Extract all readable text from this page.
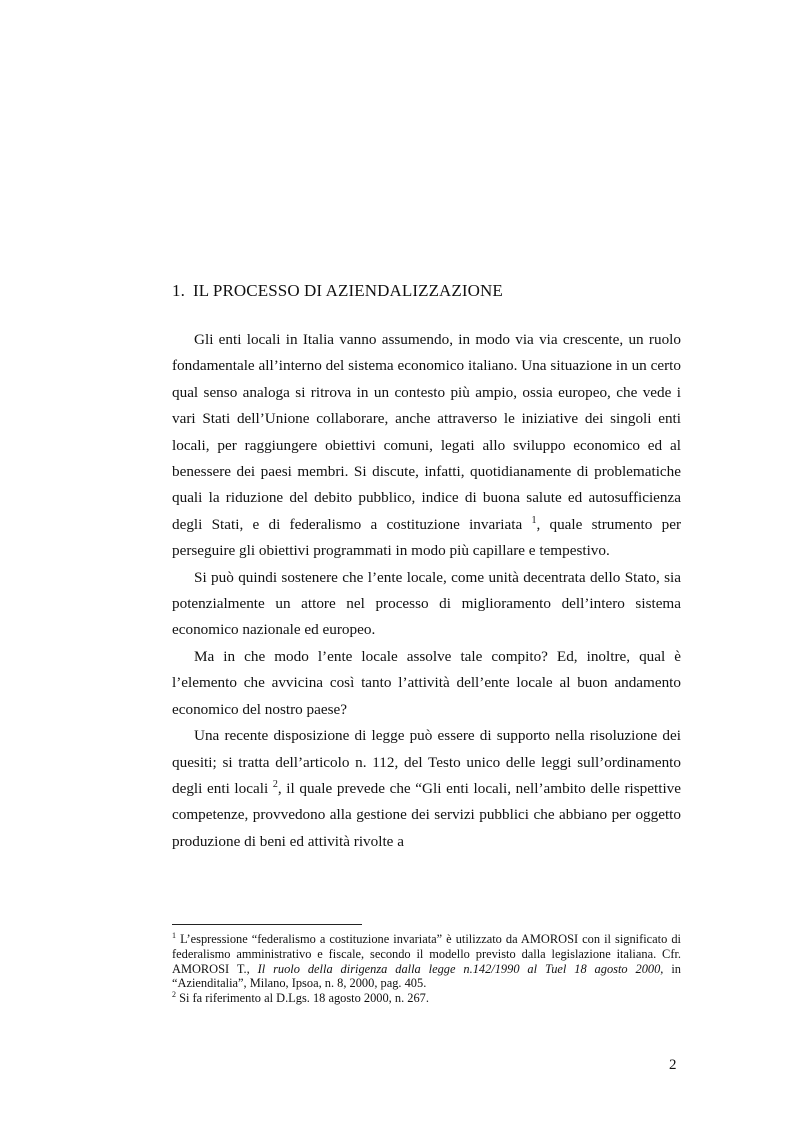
1. IL PROCESSO DI AZIENDALIZZAZIONE

Gli enti locali in Italia vanno assumendo, in modo via via crescente, un ruolo fondamentale all’interno del sistema economico italiano. Una situazione in un certo qual senso analoga si ritrova in un contesto più ampio, ossia europeo, che vede i vari Stati dell’Unione collaborare, anche attraverso le iniziative dei singoli enti locali, per raggiungere obiettivi comuni, legati allo sviluppo economico ed al benessere dei paesi membri. Si discute, infatti, quotidianamente di problematiche quali la riduzione del debito pubblico, indice di buona salute ed autosufficienza degli Stati, e di federalismo a costituzione invariata $^1$, quale strumento per perseguire gli obiettivi programmati in modo più capillare e tempestivo.

Si può quindi sostenere che l’ente locale, come unità decentrata dello Stato, sia potenzialmente un attore nel processo di miglioramento dell’intero sistema economico nazionale ed europeo.

Ma in che modo l’ente locale assolve tale compito? Ed, inoltre, qual è l’elemento che avvicina così tanto l’attività dell’ente locale al buon andamento economico del nostro paese?

Una recente disposizione di legge può essere di supporto nella risoluzione dei quesiti; si tratta dell’articolo n. 112, del Testo unico delle leggi sull’ordinamento degli enti locali $^2$, il quale prevede che “Gli enti locali, nell’ambito delle rispettive competenze, provvedono alla gestione dei servizi pubblici che abbiano per oggetto produzione di beni ed attività rivolte a

$^1$ L’espressione “federalismo a costituzione invariata” è utilizzato da AMOROSI con il significato di federalismo amministrativo e fiscale, secondo il modello previsto dalla legislazione italiana. Cfr. AMOROSI T., Il ruolo della dirigenza dalla legge n.142/1990 al Tuel 18 agosto 2000, in “Azienditalia”, Milano, Ipsoa, n. 8, 2000, pag. 405.

$^2$ Si fa riferimento al D.Lgs. 18 agosto 2000, n. 267.

2
